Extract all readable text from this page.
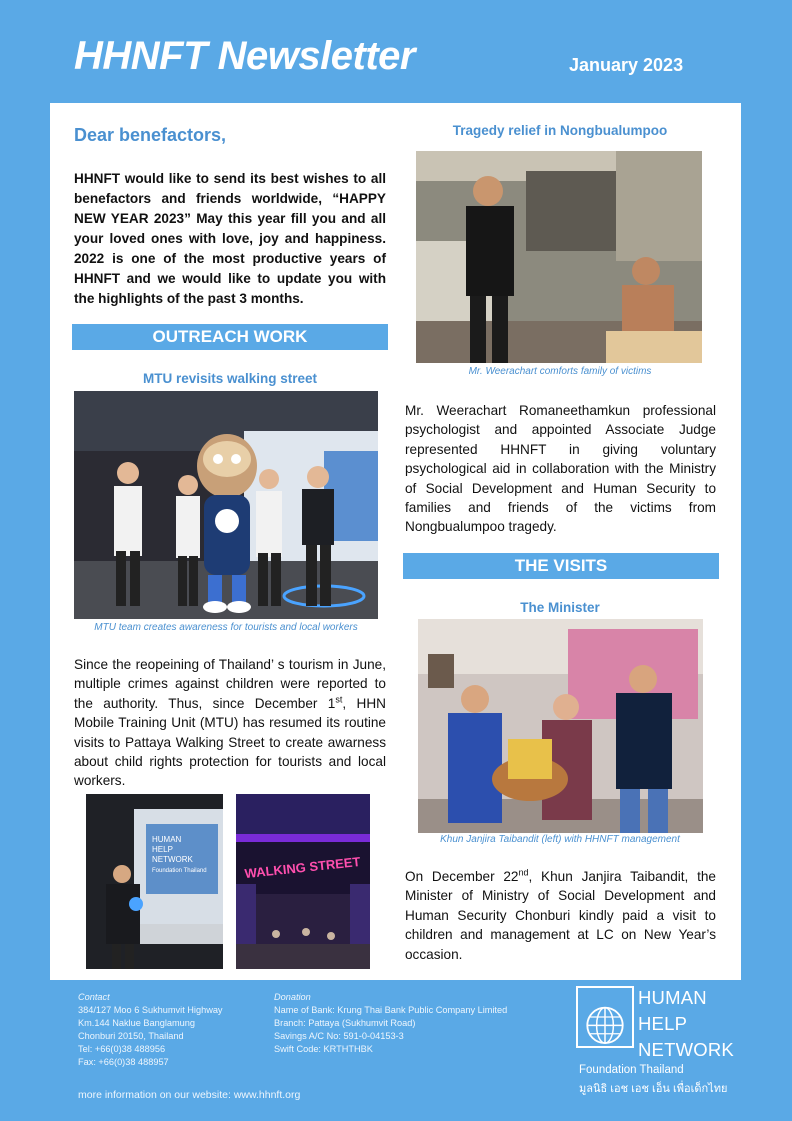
HHNFT Newsletter	January 2023
Dear benefactors,
HHNFT would like to send its best wishes to all benefactors and friends worldwide, “HAPPY NEW YEAR 2023” May this year fill you and all your loved ones with love, joy and happiness. 2022 is one of the most productive years of HHNFT and we would like to update you with the highlights of the past 3 months.
OUTREACH WORK
MTU revisits walking street
MTU team creates awareness for tourists and local workers
Since the reopeining of Thailand’ s tourism in June, multiple crimes against children were reported to the authority. Thus, since December 1st, HHN Mobile Training Unit (MTU) has resumed its routine visits to Pattaya Walking Street to create awarness about child rights protection for tourists and local workers.
HUMAN
HELP
NETWORK
Foundation Thailand	WALKING STREET
Tragedy relief in Nongbualumpoo
Mr. Weerachart comforts family of victims
Mr. Weerachart Romaneethamkun professional psychologist and appointed Associate Judge represented HHNFT in giving voluntary psychological aid in collaboration with the Ministry of Social Development and Human Security to families and friends of the victims from Nongbualumpoo tragedy.
THE VISITS
The Minister
Khun Janjira Taibandit (left) with HHNFT management
On December 22nd, Khun Janjira Taibandit, the Minister of Ministry of Social Development and Human Security Chonburi kindly paid a visit to children and management at LC on New Year’s occasion.
Contact
384/127 Moo 6 Sukhumvit Highway
Km.144 Naklue Banglamung
Chonburi 20150, Thailand
Tel: +66(0)38 488956
Fax: +66(0)38 488957
Donation
Name of Bank: Krung Thai Bank Public Company Limited
Branch: Pattaya (Sukhumvit Road)
Savings A/C No: 591-0-04153-3
Swift Code: KRTHTHBK
more information on our website: www.hhnft.org
HUMAN
HELP
NETWORK
Foundation Thailand
มูลนิธิ เอช เอช เอ็น เพื่อเด็กไทย
